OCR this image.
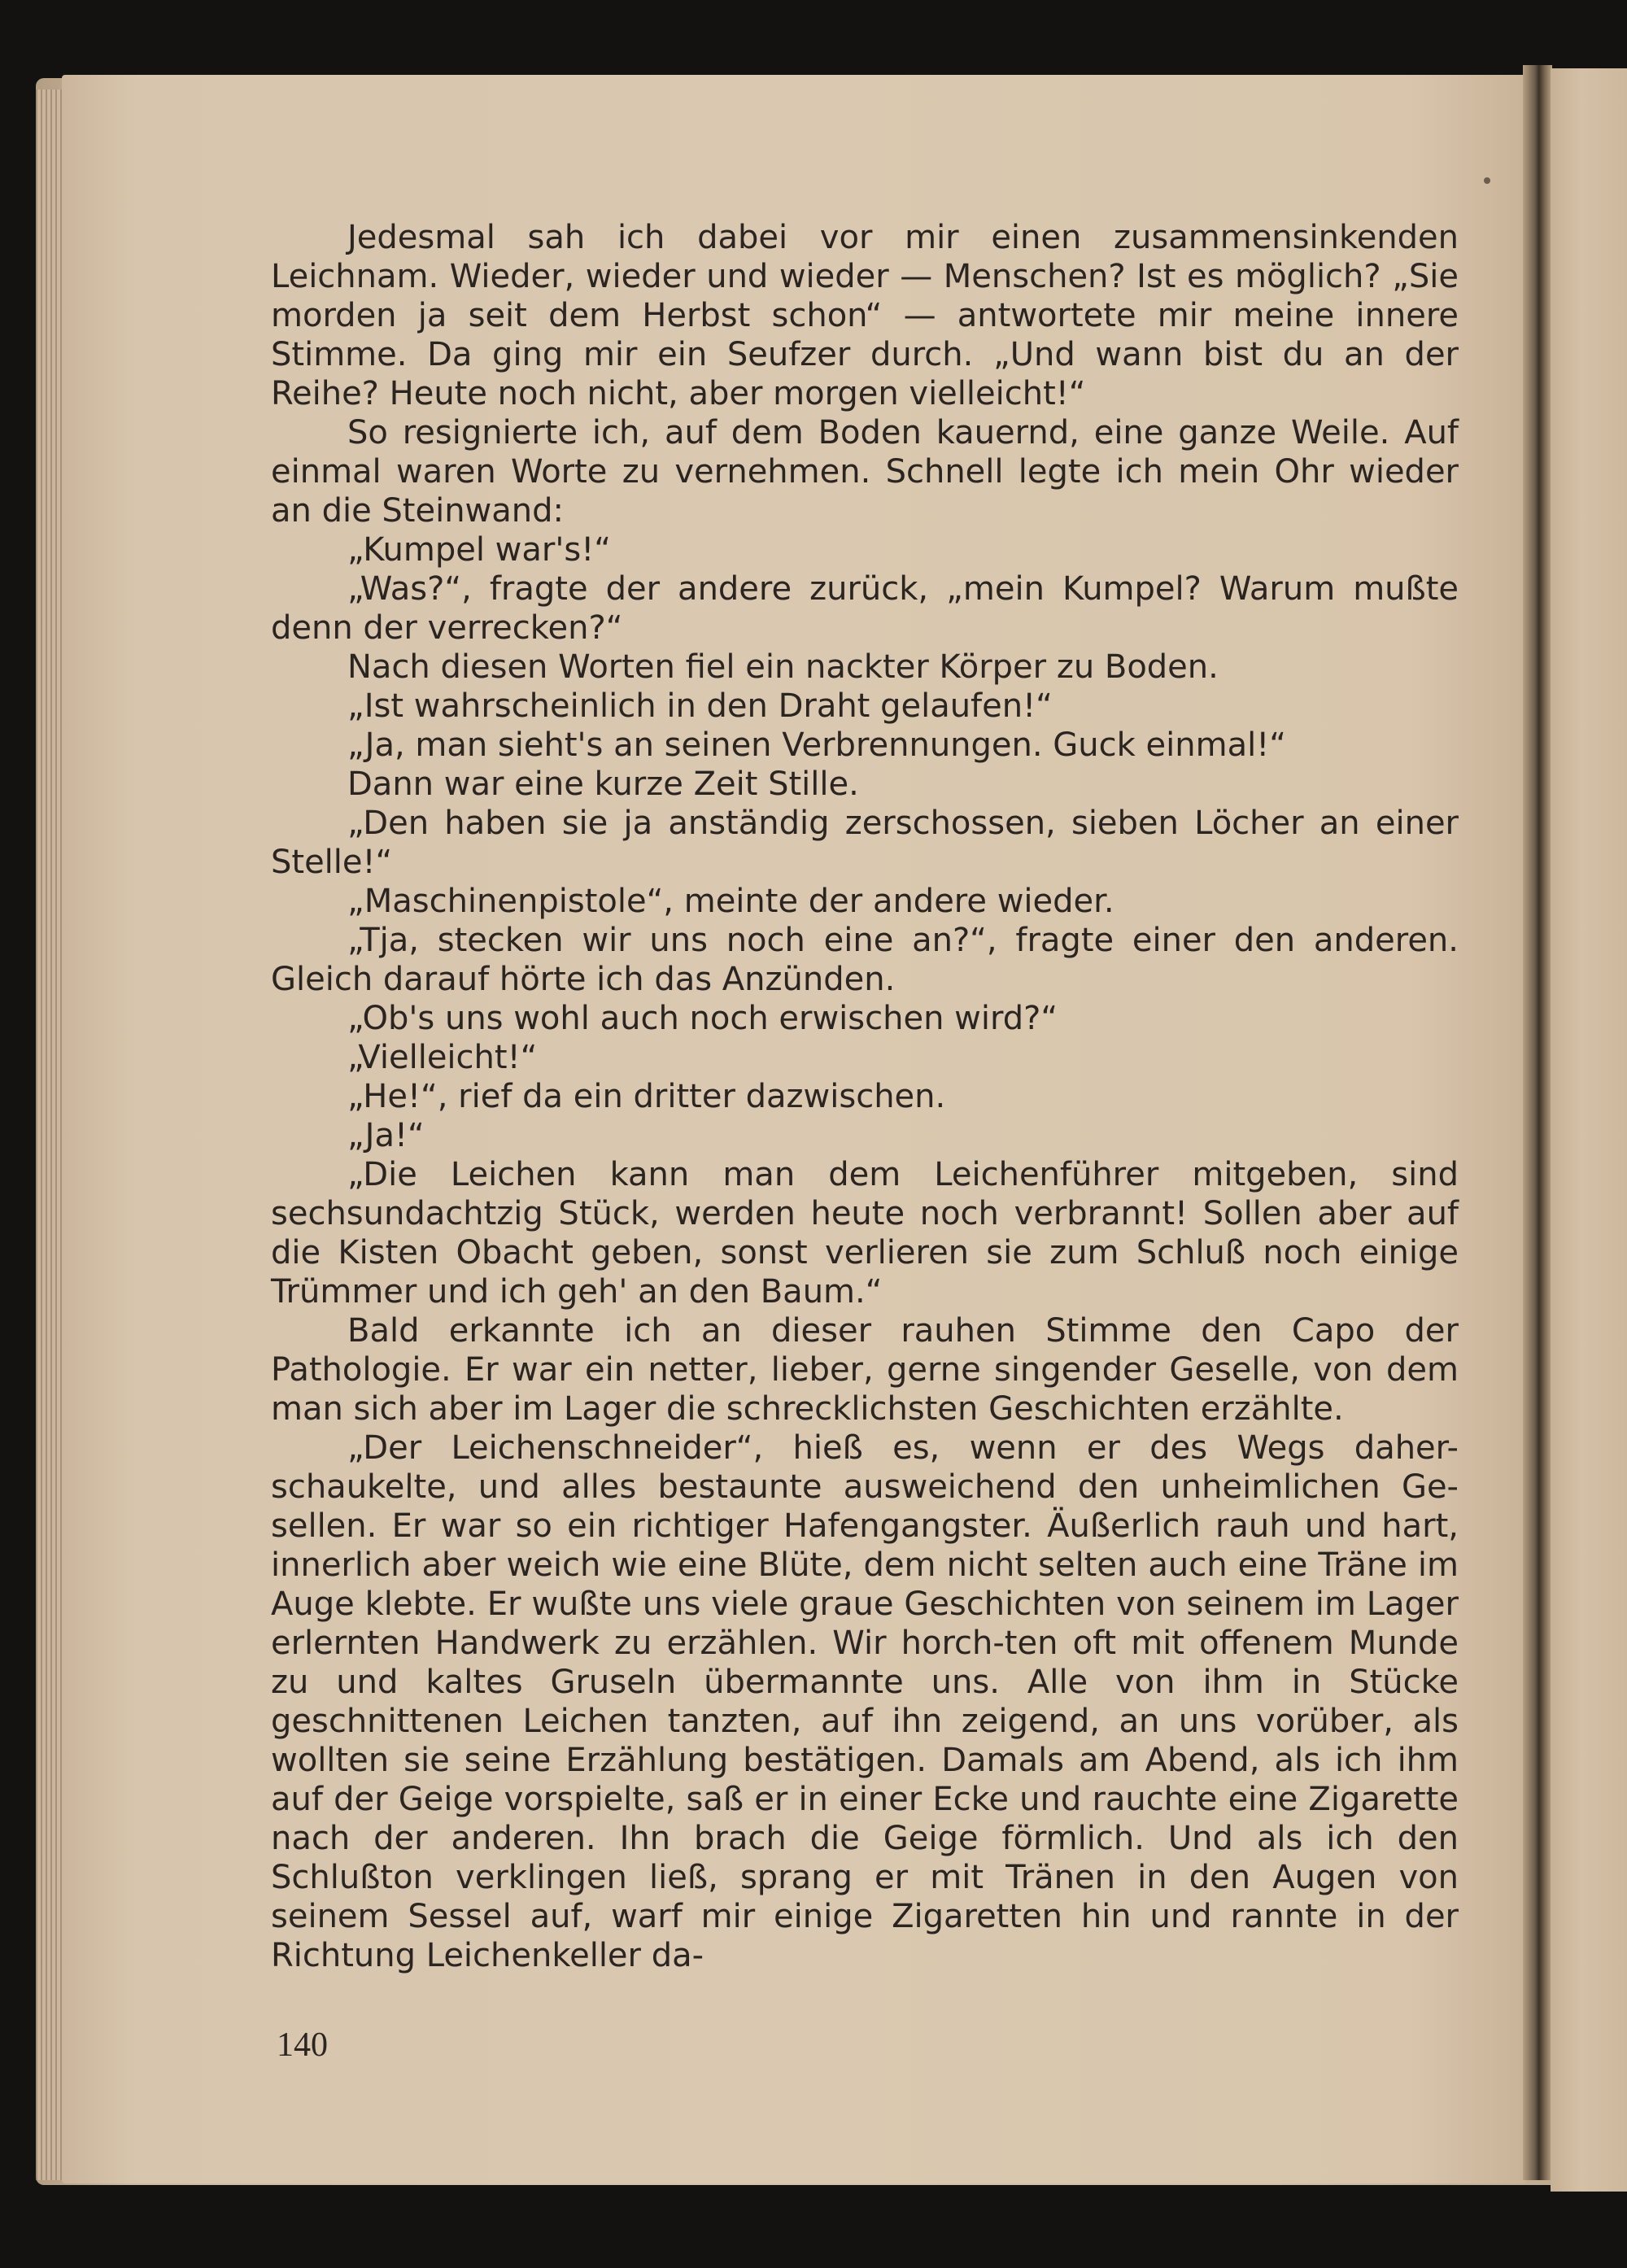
Jedesmal sah ich dabei vor mir einen zusammensinkenden Leichnam. Wieder, wieder und wieder — Menschen? Ist es möglich? „Sie morden ja seit dem Herbst schon“ — antwortete mir meine innere Stimme. Da ging mir ein Seufzer durch. „Und wann bist du an der Reihe? Heute noch nicht, aber morgen vielleicht!“

So resignierte ich, auf dem Boden kauernd, eine ganze Weile. Auf einmal waren Worte zu vernehmen. Schnell legte ich mein Ohr wieder an die Steinwand:

„Kumpel war's!“

„Was?“, fragte der andere zurück, „mein Kumpel? Warum mußte denn der verrecken?“

Nach diesen Worten fiel ein nackter Körper zu Boden.

„Ist wahrscheinlich in den Draht gelaufen!“

„Ja, man sieht's an seinen Verbrennungen. Guck einmal!“

Dann war eine kurze Zeit Stille.

„Den haben sie ja anständig zerschossen, sieben Löcher an einer Stelle!“

„Maschinenpistole“, meinte der andere wieder.

„Tja, stecken wir uns noch eine an?“, fragte einer den anderen. Gleich darauf hörte ich das Anzünden.

„Ob's uns wohl auch noch erwischen wird?“

„Vielleicht!“

„He!“, rief da ein dritter dazwischen.

„Ja!“

„Die Leichen kann man dem Leichenführer mitgeben, sind sechsundachtzig Stück, werden heute noch verbrannt! Sollen aber auf die Kisten Obacht geben, sonst verlieren sie zum Schluß noch einige Trümmer und ich geh' an den Baum.“

Bald erkannte ich an dieser rauhen Stimme den Capo der Pathologie. Er war ein netter, lieber, gerne singender Geselle, von dem man sich aber im Lager die schrecklichsten Geschichten erzählte.

„Der Leichenschneider“, hieß es, wenn er des Wegs daher-schaukelte, und alles bestaunte ausweichend den unheimlichen Ge-sellen. Er war so ein richtiger Hafengangster. Äußerlich rauh und hart, innerlich aber weich wie eine Blüte, dem nicht selten auch eine Träne im Auge klebte. Er wußte uns viele graue Geschichten von seinem im Lager erlernten Handwerk zu erzählen. Wir horch-ten oft mit offenem Munde zu und kaltes Gruseln übermannte uns. Alle von ihm in Stücke geschnittenen Leichen tanzten, auf ihn zeigend, an uns vorüber, als wollten sie seine Erzählung bestätigen. Damals am Abend, als ich ihm auf der Geige vorspielte, saß er in einer Ecke und rauchte eine Zigarette nach der anderen. Ihn brach die Geige förmlich. Und als ich den Schlußton verklingen ließ, sprang er mit Tränen in den Augen von seinem Sessel auf, warf mir einige Zigaretten hin und rannte in der Richtung Leichenkeller da-

140
